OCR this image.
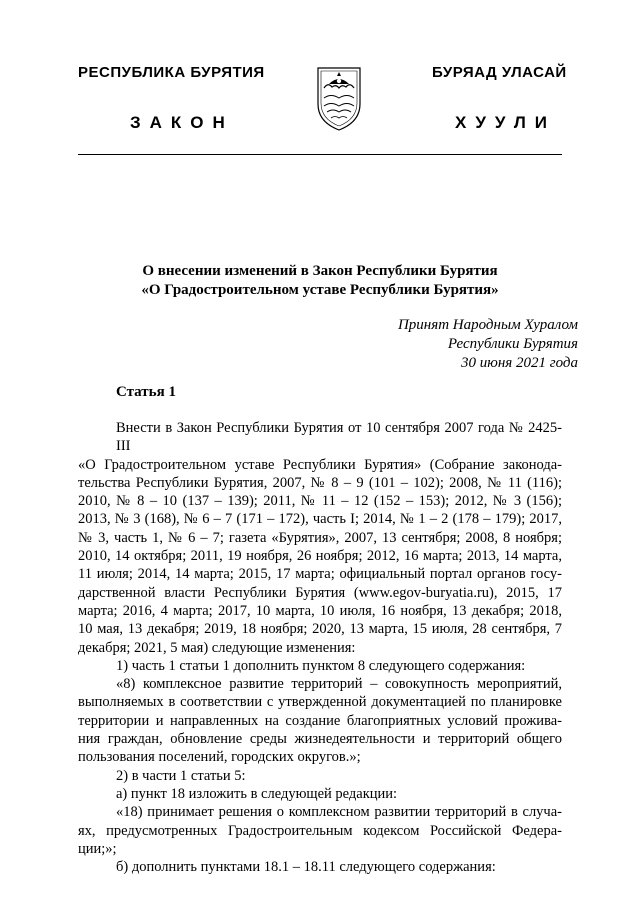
РЕСПУБЛИКА БУРЯТИЯ	БУРЯАД УЛАСАЙ
ЗАКОН	ХУУЛИ
О внесении изменений в Закон Республики Бурятия
«О Градостроительном уставе Республики Бурятия»
Принят Народным Хуралом
Республики Бурятия
30 июня 2021 года
Статья 1
Внести в Закон Республики Бурятия от 10 сентября 2007 года № 2425-III
«О Градостроительном уставе Республики Бурятия» (Собрание законода-
тельства Республики Бурятия, 2007, № 8 – 9 (101 – 102); 2008, № 11 (116);
2010, № 8 – 10 (137 – 139); 2011, № 11 – 12 (152 – 153); 2012, № 3 (156);
2013, № 3 (168), № 6 – 7 (171 – 172), часть I; 2014, № 1 – 2 (178 – 179); 2017,
№ 3, часть 1, № 6 – 7; газета «Бурятия», 2007, 13 сентября; 2008, 8 ноября;
2010, 14 октября; 2011, 19 ноября, 26 ноября; 2012, 16 марта; 2013, 14 марта,
11 июля; 2014, 14 марта; 2015, 17 марта; официальный портал органов госу-
дарственной власти Республики Бурятия (www.egov-buryatia.ru), 2015, 17
марта; 2016, 4 марта; 2017, 10 марта, 10 июля, 16 ноября, 13 декабря; 2018,
10 мая, 13 декабря; 2019, 18 ноября; 2020, 13 марта, 15 июля, 28 сентября, 7
декабря; 2021, 5 мая) следующие изменения:
1) часть 1 статьи 1 дополнить пунктом 8 следующего содержания:
«8) комплексное развитие территорий – совокупность мероприятий,
выполняемых в соответствии с утвержденной документацией по планировке
территории и направленных на создание благоприятных условий прожива-
ния граждан, обновление среды жизнедеятельности и территорий общего
пользования поселений, городских округов.»;
2) в части 1 статьи 5:
а) пункт 18 изложить в следующей редакции:
«18) принимает решения о комплексном развитии территорий в случа-
ях, предусмотренных Градостроительным кодексом Российской Федера-
ции;»;
б) дополнить пунктами 18.1 – 18.11 следующего содержания:
